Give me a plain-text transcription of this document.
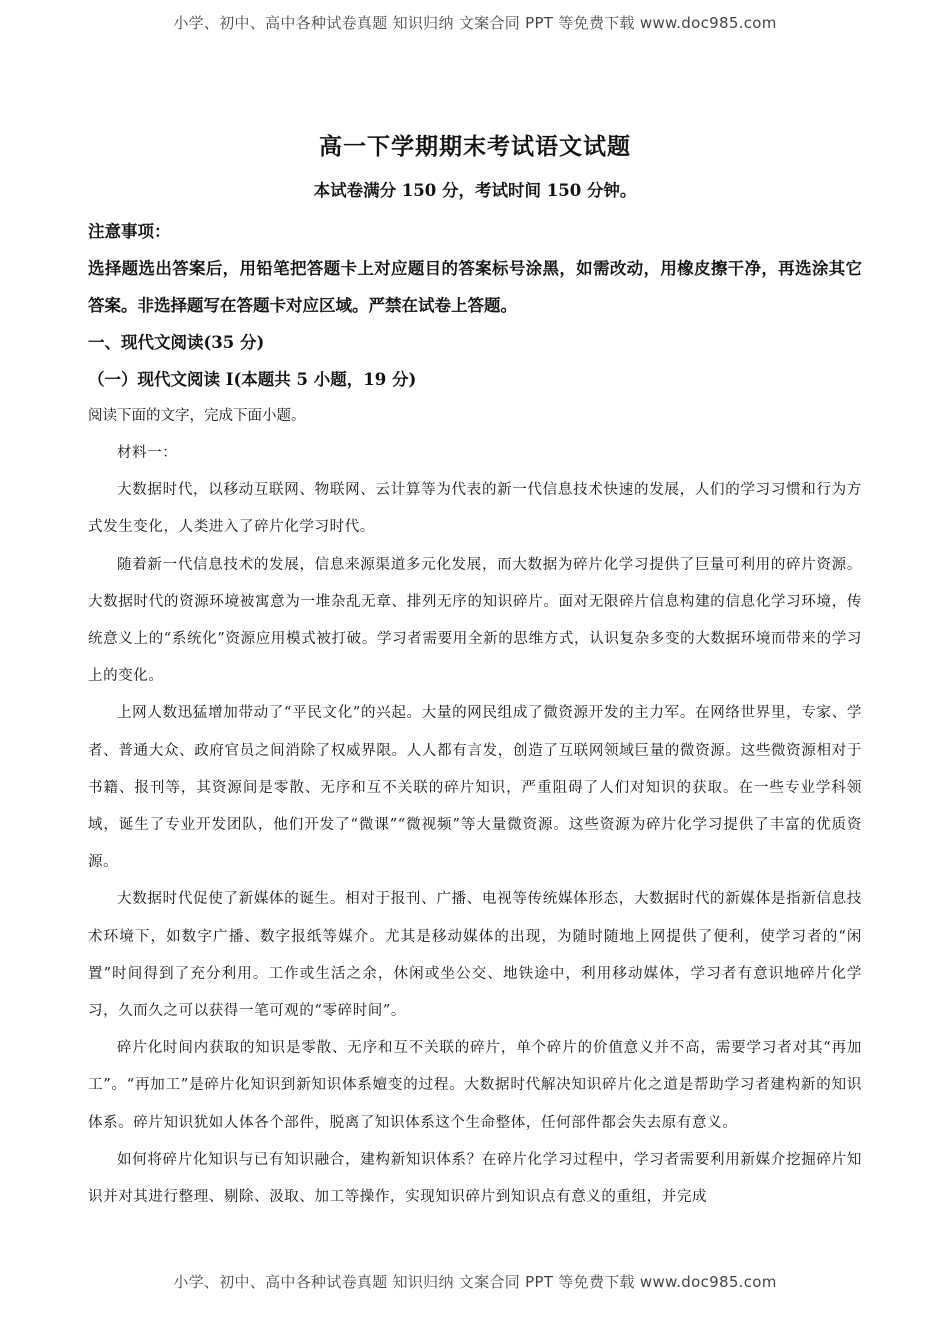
小学、初中、高中各种试卷真题 知识归纳 文案合同 PPT 等免费下载 www.doc985.com
高一下学期期末考试语文试题

本试卷满分 150 分，考试时间 150 分钟。

注意事项：

选择题选出答案后，用铅笔把答题卡上对应题目的答案标号涂黑，如需改动，用橡皮擦干净，再选涂其它答案。非选择题写在答题卡对应区域。严禁在试卷上答题。

一、现代文阅读(35 分)

（一）现代文阅读 I(本题共 5 小题，19 分)

阅读下面的文字，完成下面小题。

材料一：

大数据时代，以移动互联网、物联网、云计算等为代表的新一代信息技术快速的发展，人们的学习习惯和行为方式发生变化，人类进入了碎片化学习时代。

随着新一代信息技术的发展，信息来源渠道多元化发展，而大数据为碎片化学习提供了巨量可利用的碎片资源。大数据时代的资源环境被寓意为一堆杂乱无章、排列无序的知识碎片。面对无限碎片信息构建的信息化学习环境，传统意义上的“系统化”资源应用模式被打破。学习者需要用全新的思维方式，认识复杂多变的大数据环境而带来的学习上的变化。

上网人数迅猛增加带动了“平民文化”的兴起。大量的网民组成了微资源开发的主力军。在网络世界里，专家、学者、普通大众、政府官员之间消除了权威界限。人人都有言发，创造了互联网领域巨量的微资源。这些微资源相对于书籍、报刊等，其资源间是零散、无序和互不关联的碎片知识，严重阻碍了人们对知识的获取。在一些专业学科领域，诞生了专业开发团队，他们开发了“微课”“微视频”等大量微资源。这些资源为碎片化学习提供了丰富的优质资源。

大数据时代促使了新媒体的诞生。相对于报刊、广播、电视等传统媒体形态，大数据时代的新媒体是指新信息技术环境下，如数字广播、数字报纸等媒介。尤其是移动媒体的出现，为随时随地上网提供了便利，使学习者的“闲置”时间得到了充分利用。工作或生活之余，休闲或坐公交、地铁途中，利用移动媒体，学习者有意识地碎片化学习，久而久之可以获得一笔可观的“零碎时间”。

碎片化时间内获取的知识是零散、无序和互不关联的碎片，单个碎片的价值意义并不高，需要学习者对其“再加工”。“再加工”是碎片化知识到新知识体系嬗变的过程。大数据时代解决知识碎片化之道是帮助学习者建构新的知识体系。碎片知识犹如人体各个部件，脱离了知识体系这个生命整体，任何部件都会失去原有意义。

如何将碎片化知识与已有知识融合，建构新知识体系？在碎片化学习过程中，学习者需要利用新媒介挖掘碎片知识并对其进行整理、剔除、汲取、加工等操作，实现知识碎片到知识点有意义的重组，并完成

小学、初中、高中各种试卷真题 知识归纳 文案合同 PPT 等免费下载 www.doc985.com
